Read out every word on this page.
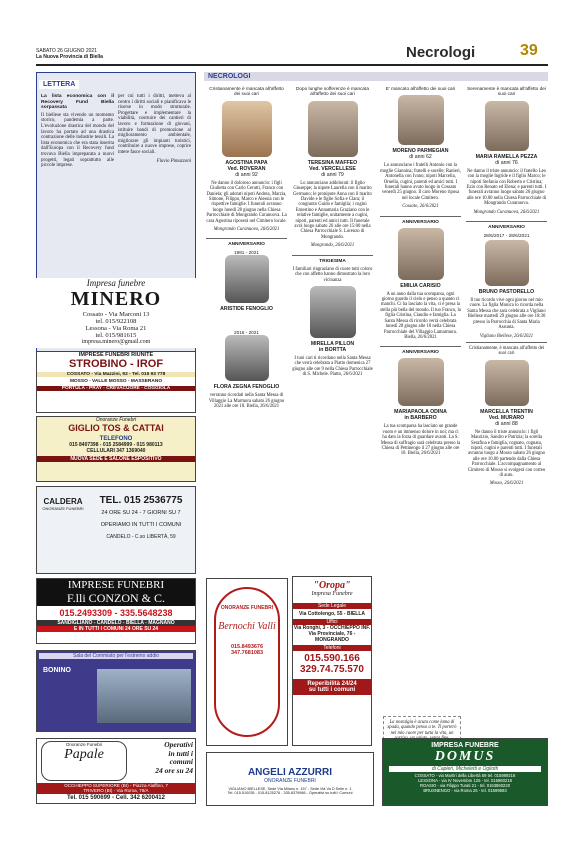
SABATO 26 GIUGNO 2021
La Nuova Provincia di Biella	Necrologi	39
LETTERA

La lista economica con il Recovery Fund Biella sorpassata

Il biellese sta vivendo un momento storico, pandemia a parte. L'evoluzione drastica del mondo del lavoro ha portato ad una drastica contrazione delle industrie tessili. La lista economica che era stata inserita dall'Europa con il Recovery fund trovava Biella impreparata a nuovi progetti, legati soprattutto alle piccole imprese.

per cui tutti i diritti, metteva al centro i diritti sociali e pianificava le risorse in modo strutturale. Progettare e implementare la viabilità, costruire dei cantieri di lavoro e formazione di giovani, istituire bandi di promozione al miglioramento ambientale, migliorare gli impianti turistici, contribuire a nuove imprese, coprire intere fasce sociali.

Flavio Pimazzoni

Impresa funebre
MINERO
Cossato - Via Marconi 13
tel. 015/922108
Lessona - Via Roma 21
tel. 015/981615
impresa.minero@gmail.com
IMPRESE FUNEBRI RIUNITE
STROBINO - IROF
COSSATO - Via Mazzini, 92 - Tel. 015 93 778
MOSSO - VALLE MOSSO - MASSERANO
PORTULA - PRAY - CREVACUORE - COGGIOLA
Onoranze Funebri
GIGLIO TOS & CATTAI
TELEFONO
015 8407398 - 015 2584999 - 015 980113
CELLULARI 347 1369040
NUOVA SEDE E SALONE ESPOSITIVO
CALDERA
ONORANZE FUNEBRI
TEL. 015 2536775
24 ORE SU 24 - 7 GIORNI SU 7
OPERIAMO IN TUTTI I COMUNI
CANDELO - C.so LIBERTÀ, 59
IMPRESE FUNEBRI
F.lli CONZON & C.
015.2493309 - 335.5648238
SANDIGLIANO - CANDELO - BIELLA - MAGNANO
E IN TUTTI I COMUNI 24 ORE SU 24
Sala del Commiato per l'estremo addio
BONINO
Onoranze Funebri
Papale
Operativi
in tutti i
comuni
24 ore su 24
OCCHIEPPO SUPERIORE (BI) - Piazza Alaffino, 7
TRIVERO (BI) - Via Roma, 78/A
Tel. 015 590699 - Cell. 342 6200412
NECROLOGI
Cristianamente è mancata all'affetto dei suoi cari
AGOSTINA PAPA
Ved. ROVERAN
di anni 92
Ne danno il doloroso annuncio: i figli Giulietta con Carlo Cerutti, Franco con Daniela; gli adorati nipoti Andrea, Marzia, Simone, Filippo, Marco e Alessia con le rispettive famiglie. I funerali avranno luogo lunedì 28 giugno nella Chiesa Parrocchiale di Mongrando Curanuova. La cara Agostina riposerà nel Cimitero locale.
Mongrando Curanuova, 26/6/2021
ANNIVERSARIO
1981 - 2021
ARISTIDE FENOGLIO
2016 - 2021
FLORA ZEGNA FENOGLIO
verranno ricordati nella Santa Messa di Villaggio La Marmora sabato 26 giugno 2021 alle ore 18. Biella, 26/6/2021
Dopo lunghe sofferenze è mancata all'affetto dei suoi cari
TERESINA MAFFEO
Ved. VERCELLESE
di anni 79
Lo annunciano addolorati: il figlio Giuseppe; la nipote Laurella con il marito Germano; le pronipote Anna con il marito Davide e le figlie Sofia e Clara; il congiunto Guido e famiglia; i cugini Ernestino e Annamaria Graziano con le relative famiglie, unitamente a cugini, nipoti, parenti ed amici tutti. Il funerale avrà luogo sabato 26 alle ore 15:00 nella Chiesa Parrocchiale S. Lorenzo di Mongrando.
Mongrando, 26/6/2021
TRIGESIMA
I familiari ringraziano di cuore tutti coloro che con affetto hanno dimostrato la loro vicinanza
MIRELLA PILLON
in BORTTA
I tuoi cari ti ricordano nella Santa Messa che verrà celebrata a Piatto domenica 27 giugno alle ore 9 nella Chiesa Parrocchiale di S. Michele. Piatto, 26/6/2021
E' mancato all'affetto dei suoi cari
MORENO PARMEGIAN
di anni 62
Lo annunciano i fratelli Antonio con la moglie Giannina; fratelli e sorelle; Ranieri, Antonella con Ivano; nipoti Marcella, Ornella, cugini, parenti ed amici tutti. I funerali hanno avuto luogo in Cossato venerdì 25 giugno. Il caro Moreno riposa nel locale Cimitero.
Cossato, 26/6/2021
ANNIVERSARIO
EMILIA CARISIO
A un anno dalla tua scomparsa, ogni giorno guardo il cielo e penso a quanto ci manchi. Ci ha lasciato la vita, ci è presa la stella più bella del mondo. Il tuo Franco, la figlia Cristina, Claudio e famiglia. La Santa Messa di ricordo verrà celebrata lunedì 28 giugno alle 18 nella Chiesa Parrocchiale del Villaggio Lamarmora. Biella, 26/6/2021
ANNIVERSARIO
MARIAPAOLA ODINA
in BARBERO
La tua scomparsa ha lasciato un grande vuoto e un immenso dolore in noi; ma ci ha dato la forza di guardare avanti. La S. Messa di suffragio sarà celebrata presso la Chiesa di Pettinengo il 27 giugno alle ore 10. Biella, 26/6/2021
La nostalgia è acuta come lama di spada, quando penso a te. Ti porterò nel mio cuore per tutta la vita, un
Serenamente è mancata all'affetto dei suoi cari
MARIA RAMELLA PEZZA
di anni 76
Ne danno il triste annuncio: il fratello Leo con la moglie Ingride e il figlio Marco; le nipoti Stefania con Roberto e Cristina; Ezio con Renato ed Elena; e parenti tutti. I funerali avranno luogo sabato 26 giugno alle ore 10.00 nella Chiesa Parrocchiale di Mongrando Curanuova.
Mongrando Curanuova, 26/6/2021
ANNIVERSARIO
28/6/2017 - 28/6/2021
BRUNO PASTORELLO
Il tuo ricordo vive ogni giorno nel mio cuore. La figlia Monica lo ricorda nella Santa Messa che sarà celebrata a Vigliano Biellese martedì 29 giugno alle ore 18:30 presso la Parrocchia di Santa Maria Assunta.
Vigliano Biellese, 26/6/2021
Cristianamente, è mancata all'affetto dei suoi cari
MARCELLA TRENTIN
Ved. MURARO
di anni 88
Ne danno il triste annuncio: i figli Maurizio, Sandro e Patrizia; la sorella Serafina e famiglia, cognato, cognata, nipoti, cugini e parenti tutti. I funerali avranno luogo a Mosso sabato 26 giugno alle ore 10.00 partendo dalla Chiesa Parrocchiale. L'accompagnamento al Cimitero di Mosso si svolgerà con corteo di auto.
Mosso, 26/6/2021
"Oropa"
Impresa Funebre
Sede Legale
Via Cottolengo, 55 - BIELLA
Uffici
Via Ronghi, 3 - OCCHIEPPO INF.
Via Provinciale, 76 - MONGRANDO
Telefoni
015.590.166
329.74.75.570
Reperibilità 24/24
su tutti i comuni
ONORANZE FUNEBRI
Bernochi Valli
015.8493676
347.7681083
ANGELI AZZURRI
ONORANZE FUNEBRI
VIGLIANO BIELLESE, Sede Via Milano n. 157 - Sede Via Va D Selle n. 1
Tel. 015.510035 - 015.8125276 - 335.6379986 - Operativi su tutti i Comuni
IMPRESA FUNEBRE
DOMUS
di Capieri, Micheletti e Ogliotti
COSSATO - via Martiri della Libertà 59 tel. 015989216
LESSONA - via IV Novembre 125 - tel. 015980218
ROASIO - via Filippo Turati 21 - tel. 0163860220
BRUSNENGO - via Roma 25 - tel. 01599593
